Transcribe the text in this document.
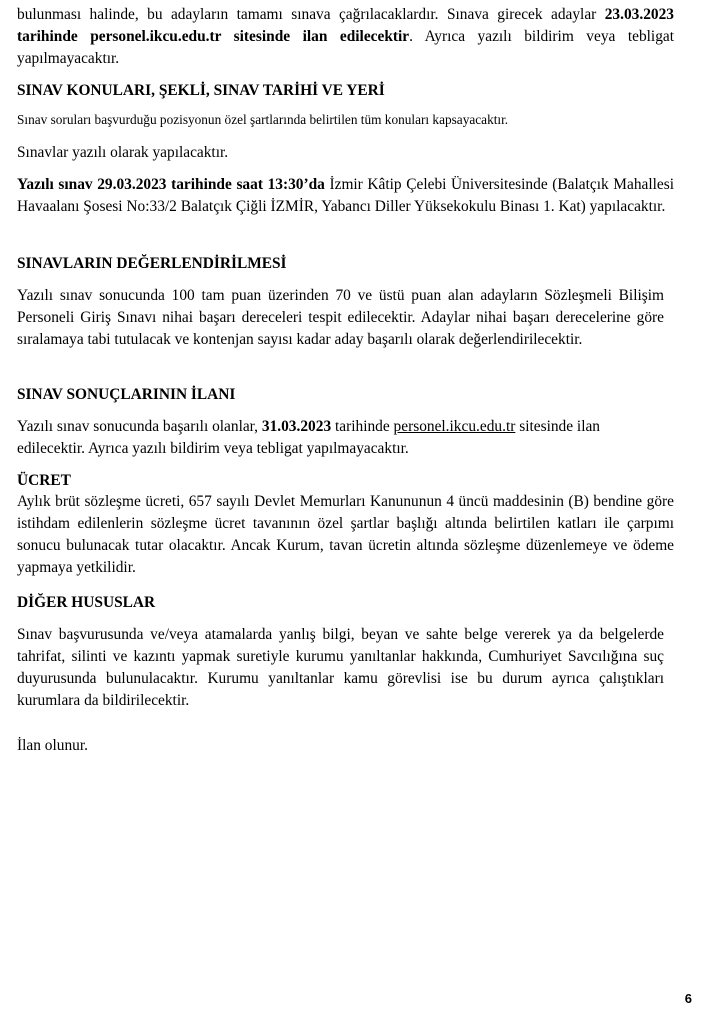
bulunması halinde, bu adayların tamamı sınava çağrılacaklardır. Sınava girecek adaylar 23.03.2023 tarihinde personel.ikcu.edu.tr sitesinde ilan edilecektir. Ayrıca yazılı bildirim veya tebligat yapılmayacaktır.

SINAV KONULARI, ŞEKLİ, SINAV TARİHİ VE YERİ

Sınav soruları başvurduğu pozisyonun özel şartlarında belirtilen tüm konuları kapsayacaktır.

Sınavlar yazılı olarak yapılacaktır.

Yazılı sınav 29.03.2023 tarihinde saat 13:30’da İzmir Kâtip Çelebi Üniversitesinde (Balatçık Mahallesi Havaalanı Şosesi No:33/2 Balatçık Çiğli İZMİR, Yabancı Diller Yüksekokulu Binası 1. Kat) yapılacaktır.

SINAVLARIN DEĞERLENDİRİLMESİ

Yazılı sınav sonucunda 100 tam puan üzerinden 70 ve üstü puan alan adayların Sözleşmeli Bilişim Personeli Giriş Sınavı nihai başarı dereceleri tespit edilecektir. Adaylar nihai başarı derecelerine göre sıralamaya tabi tutulacak ve kontenjan sayısı kadar aday başarılı olarak değerlendirilecektir.

SINAV SONUÇLARININ İLANI

Yazılı sınav sonucunda başarılı olanlar, 31.03.2023 tarihinde personel.ikcu.edu.tr sitesinde ilan edilecektir. Ayrıca yazılı bildirim veya tebligat yapılmayacaktır.

ÜCRET

Aylık brüt sözleşme ücreti, 657 sayılı Devlet Memurları Kanununun 4 üncü maddesinin (B) bendine göre istihdam edilenlerin sözleşme ücret tavanının özel şartlar başlığı altında belirtilen katları ile çarpımı sonucu bulunacak tutar olacaktır. Ancak Kurum, tavan ücretin altında sözleşme düzenlemeye ve ödeme yapmaya yetkilidir.

DİĞER HUSUSLAR

Sınav başvurusunda ve/veya atamalarda yanlış bilgi, beyan ve sahte belge vererek ya da belgelerde tahrifat, silinti ve kazıntı yapmak suretiyle kurumu yanıltanlar hakkında, Cumhuriyet Savcılığına suç duyurusunda bulunulacaktır. Kurumu yanıltanlar kamu görevlisi ise bu durum ayrıca çalıştıkları kurumlara da bildirilecektir.

İlan olunur.

6
